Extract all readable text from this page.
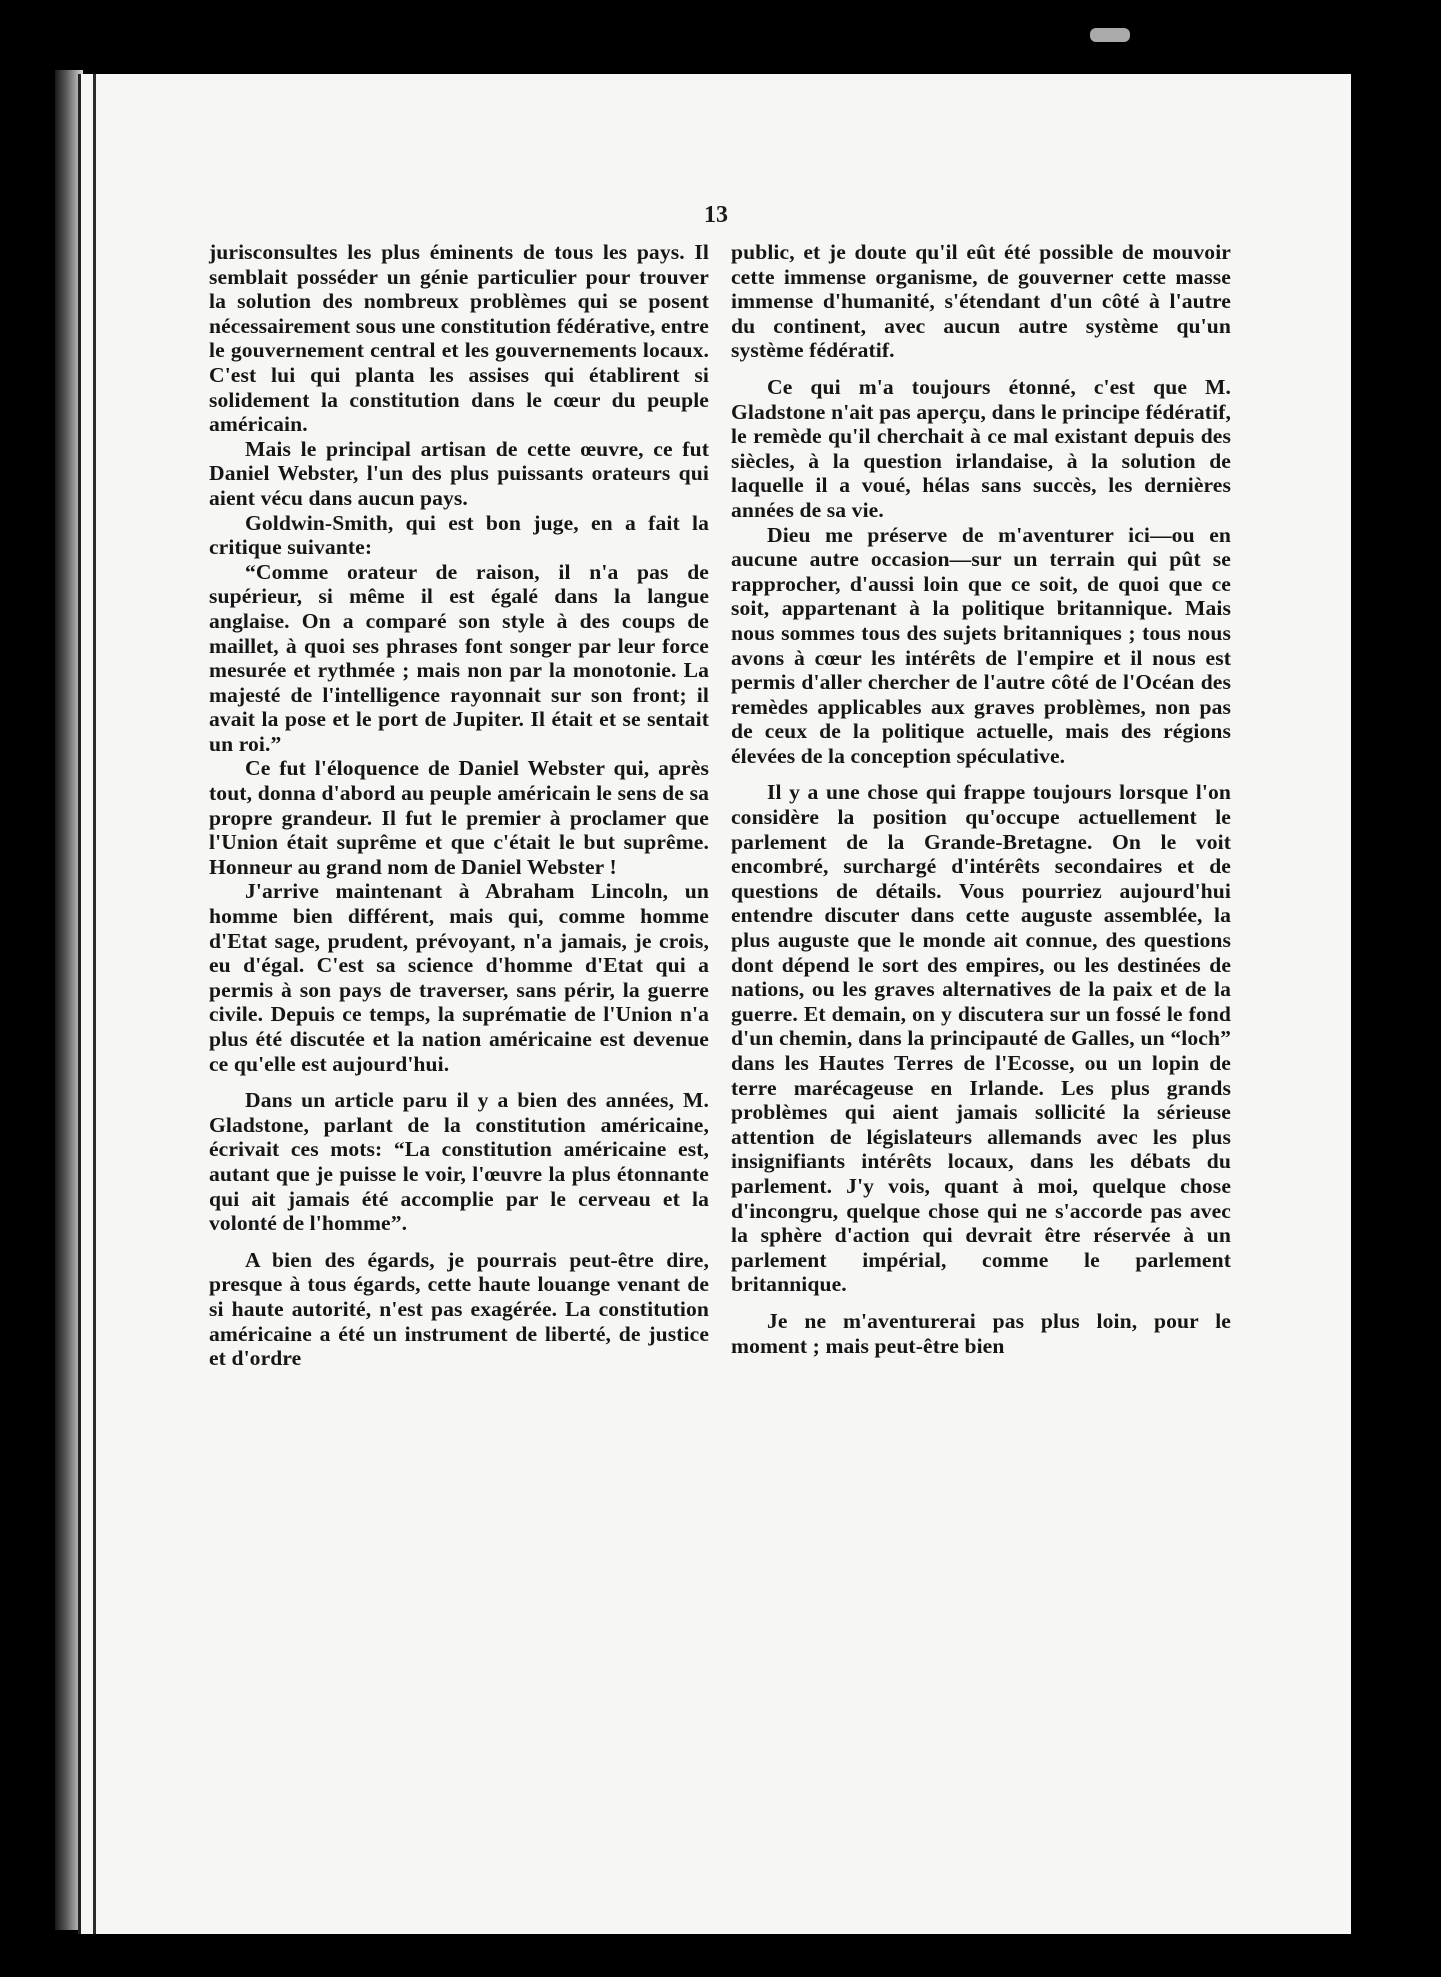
13

jurisconsultes les plus éminents de tous les pays. Il semblait posséder un génie particulier pour trouver la solution des nombreux problèmes qui se posent nécessairement sous une constitution fédérative, entre le gouvernement central et les gouvernements locaux. C'est lui qui planta les assises qui établirent si solidement la constitution dans le cœur du peuple américain.

Mais le principal artisan de cette œuvre, ce fut Daniel Webster, l'un des plus puissants orateurs qui aient vécu dans aucun pays.

Goldwin-Smith, qui est bon juge, en a fait la critique suivante:

“Comme orateur de raison, il n'a pas de supérieur, si même il est égalé dans la langue anglaise. On a comparé son style à des coups de maillet, à quoi ses phrases font songer par leur force mesurée et rythmée ; mais non par la monotonie. La majesté de l'intelligence rayonnait sur son front; il avait la pose et le port de Jupiter. Il était et se sentait un roi.”

Ce fut l'éloquence de Daniel Webster qui, après tout, donna d'abord au peuple américain le sens de sa propre grandeur. Il fut le premier à proclamer que l'Union était suprême et que c'était le but suprême. Honneur au grand nom de Daniel Webster !

J'arrive maintenant à Abraham Lincoln, un homme bien différent, mais qui, comme homme d'Etat sage, prudent, prévoyant, n'a jamais, je crois, eu d'égal. C'est sa science d'homme d'Etat qui a permis à son pays de traverser, sans périr, la guerre civile. Depuis ce temps, la suprématie de l'Union n'a plus été discutée et la nation américaine est devenue ce qu'elle est aujourd'hui.

Dans un article paru il y a bien des années, M. Gladstone, parlant de la constitution américaine, écrivait ces mots: “La constitution américaine est, autant que je puisse le voir, l'œuvre la plus étonnante qui ait jamais été accomplie par le cerveau et la volonté de l'homme”.

A bien des égards, je pourrais peut-être dire, presque à tous égards, cette haute louange venant de si haute autorité, n'est pas exagérée. La constitution américaine a été un instrument de liberté, de justice et d'ordre

public, et je doute qu'il eût été possible de mouvoir cette immense organisme, de gouverner cette masse immense d'humanité, s'étendant d'un côté à l'autre du continent, avec aucun autre système qu'un système fédératif.

Ce qui m'a toujours étonné, c'est que M. Gladstone n'ait pas aperçu, dans le principe fédératif, le remède qu'il cherchait à ce mal existant depuis des siècles, à la question irlandaise, à la solution de laquelle il a voué, hélas sans succès, les dernières années de sa vie.

Dieu me préserve de m'aventurer ici—ou en aucune autre occasion—sur un terrain qui pût se rapprocher, d'aussi loin que ce soit, de quoi que ce soit, appartenant à la politique britannique. Mais nous sommes tous des sujets britanniques ; tous nous avons à cœur les intérêts de l'empire et il nous est permis d'aller chercher de l'autre côté de l'Océan des remèdes applicables aux graves problèmes, non pas de ceux de la politique actuelle, mais des régions élevées de la conception spéculative.

Il y a une chose qui frappe toujours lorsque l'on considère la position qu'occupe actuellement le parlement de la Grande-Bretagne. On le voit encombré, surchargé d'intérêts secondaires et de questions de détails. Vous pourriez aujourd'hui entendre discuter dans cette auguste assemblée, la plus auguste que le monde ait connue, des questions dont dépend le sort des empires, ou les destinées de nations, ou les graves alternatives de la paix et de la guerre. Et demain, on y discutera sur un fossé le fond d'un chemin, dans la principauté de Galles, un “loch” dans les Hautes Terres de l'Ecosse, ou un lopin de terre marécageuse en Irlande. Les plus grands problèmes qui aient jamais sollicité la sérieuse attention de législateurs allemands avec les plus insignifiants intérêts locaux, dans les débats du parlement. J'y vois, quant à moi, quelque chose d'incongru, quelque chose qui ne s'accorde pas avec la sphère d'action qui devrait être réservée à un parlement impérial, comme le parlement britannique.

Je ne m'aventurerai pas plus loin, pour le moment ; mais peut-être bien
